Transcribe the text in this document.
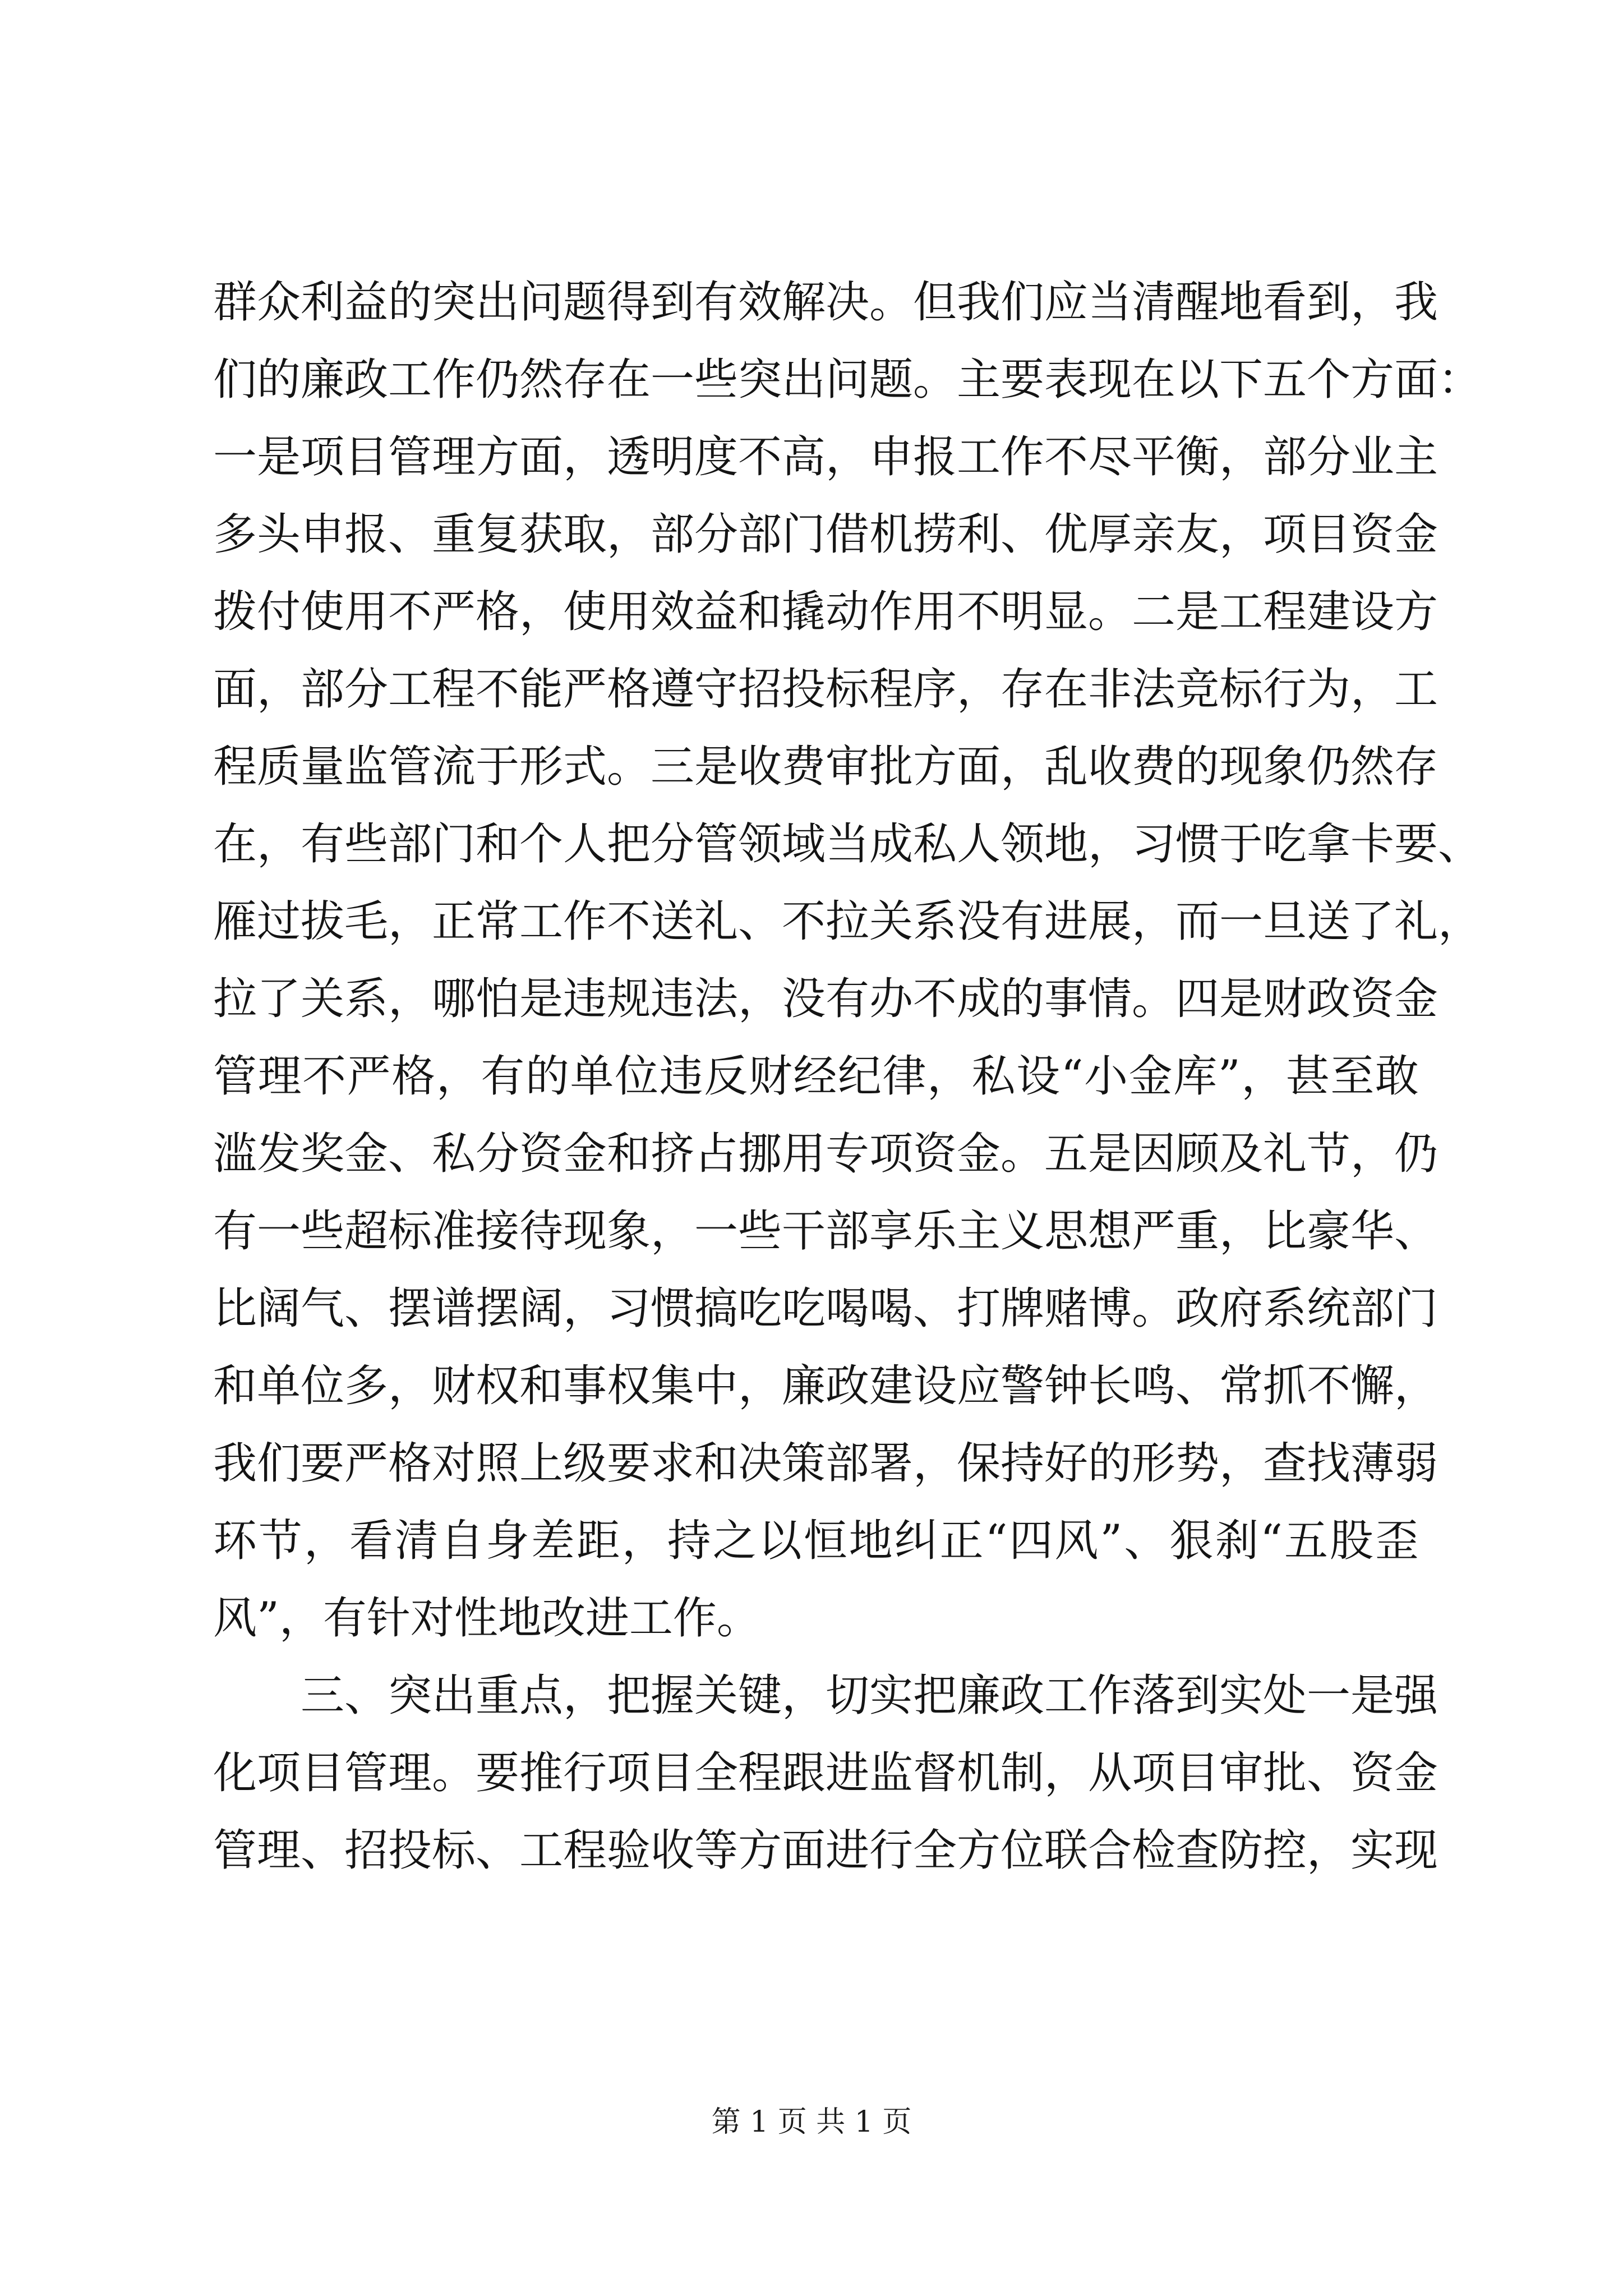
群众利益的突出问题得到有效解决。但我们应当清醒地看到，我
们的廉政工作仍然存在一些突出问题。主要表现在以下五个方面：
一是项目管理方面，透明度不高，申报工作不尽平衡，部分业主
多头申报、重复获取，部分部门借机捞利、优厚亲友，项目资金
拨付使用不严格，使用效益和撬动作用不明显。二是工程建设方
面，部分工程不能严格遵守招投标程序，存在非法竞标行为，工
程质量监管流于形式。三是收费审批方面，乱收费的现象仍然存
在，有些部门和个人把分管领域当成私人领地，习惯于吃拿卡要、
雁过拔毛，正常工作不送礼、不拉关系没有进展，而一旦送了礼，
拉了关系，哪怕是违规违法，没有办不成的事情。四是财政资金
管理不严格，有的单位违反财经纪律，私设“小金库”，甚至敢
滥发奖金、私分资金和挤占挪用专项资金。五是因顾及礼节，仍
有一些超标准接待现象，一些干部享乐主义思想严重，比豪华、
比阔气、摆谱摆阔，习惯搞吃吃喝喝、打牌赌博。政府系统部门
和单位多，财权和事权集中，廉政建设应警钟长鸣、常抓不懈，
我们要严格对照上级要求和决策部署，保持好的形势，查找薄弱
环节，看清自身差距，持之以恒地纠正“四风”、狠刹“五股歪
风”，有针对性地改进工作。
三、突出重点，把握关键，切实把廉政工作落到实处一是强
化项目管理。要推行项目全程跟进监督机制，从项目审批、资金
管理、招投标、工程验收等方面进行全方位联合检查防控，实现
第 1 页 共 1 页
